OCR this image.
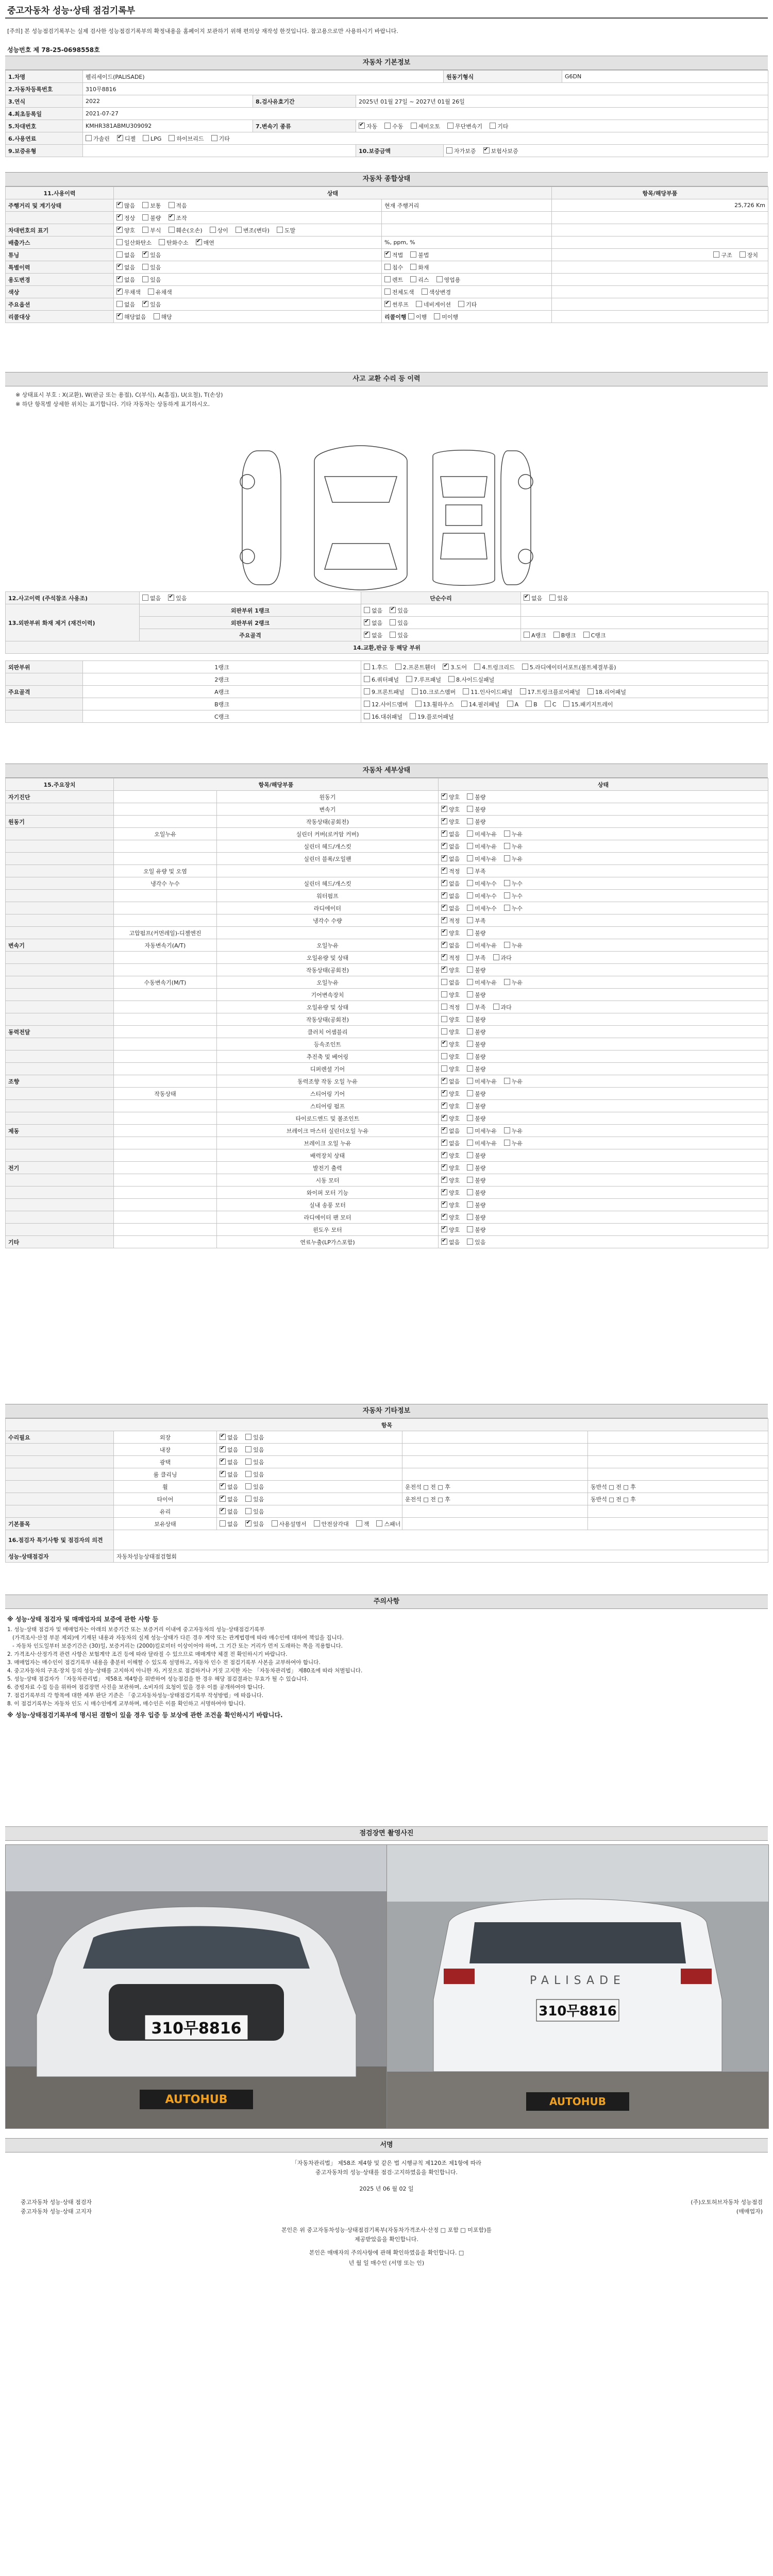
중고자동차 성능·상태 점검기록부
[주의] 본 성능점검기록부는 실제 검사한 성능점검기록부의 확정내용을 홈페이지 보관하기 위해 편의상 재작성 한것입니다. 참고용으로만 사용하시기 바랍니다.
성능번호 제 78-25-0698558호
자동차 기본정보
1.차명	펠리세이드(PALISADE)			원동기형식	G6DN
2.자동차등록번호	310무8816				
3.연식	2022	8.검사유효기간	2025년 01월 27일 ~ 2027년 01월 26일		
4.최초등록일	2021-07-27				
5.차대번호	KMHR381ABMU309092	7.변속기 종류	✔자동 수동 세미오토 무단변속기 기타
6.사용연료	가솔린 ✔ 디젤 LPG 하이브리드 기타
9.보증유형			10.보증금액	자가보증 ✔ 보험사보증
자동차 종합상태
11.사용이력	상태		항목/해당부품
주행거리 및 계기상태	✔많음 보통 적음	현재 주행거리	25,726 Km
	✔정상 불량 ✔ 조작		
차대번호의 표기	✔양호 부식 훼손(오손) 상이 변조(변타) 도말		
배출가스	일산화탄소 탄화수소 ✔ 매연	%, ppm, %	
튜닝	없음 ✔ 있음	✔적법 불법	구조 장치
특별이력	✔없음 있음	침수 화재	
용도변경	✔없음 있음	렌트 리스 영업용	
색상	✔무채색 유채색	전체도색 색상변경	
주요옵션	없음 ✔ 있음	✔썬루프 네비게이션 기타	
리콜대상	✔해당없음 해당	리콜이행 이행 미이행	
사고 교환 수리 등 이력
※ 상태표시 부호 : X(교환), W(판금 또는 용접), C(부식), A(흠집), U(요철), T(손상)
※ 하단 항목별 상세한 위치는 표기합니다. 기타 자동차는 상동하게 표기하시오.
12.사고이력 (주석참조 사용조)	없음 ✔ 있음	단순수리	✔없음 있음
13.외판부위 화재 제거 (재건이력)	외판부위 1랭크	없음 ✔ 있음	
	외판부위 2랭크	✔없음 있음	
	주요골격	✔없음 있음	A랭크 B랭크 C랭크
14.교환,판금 등 해당 부위			
외판부위	1랭크	1.후드 2.프론트휀더 ✔ 3.도어 4.트렁크리드 5.라디에이터서포트(볼트체결부품)
	2랭크	6.쿼터패널 7.루프패널 8.사이드실패널
주요골격	A랭크	9.프론트패널 10.크로스멤버 11.인사이드패널 17.트렁크플로어패널 18.리어패널
	B랭크	12.사이드멤버 13.휠하우스 14.필러패널 A B C 15.패키지트레이
	C랭크	16.대쉬패널 19.플로어패널
자동차 세부상태
15.주요장치	항목/해당부품		상태
자기진단		원동기	✔양호 불량
		변속기	✔양호 불량
원동기		작동상태(공회전)	✔양호 불량
	오일누유	실린더 커버(로커암 커버)	✔없음 미세누유 누유
		실린더 헤드/개스킷	✔없음 미세누유 누유
		실린더 블록/오일팬	✔없음 미세누유 누유
	오일 유량 및 오염		✔적정 부족
	냉각수 누수	실린더 헤드/개스킷	✔없음 미세누수 누수
		워터펌프	✔없음 미세누수 누수
		라디에이터	✔없음 미세누수 누수
		냉각수 수량	✔적정 부족
	고압펌프(커먼레일)-디젤엔진		✔양호 불량
변속기	자동변속기(A/T)	오일누유	✔없음 미세누유 누유
		오일유량 및 상태	✔적정 부족 과다
		작동상태(공회전)	✔양호 불량
	수동변속기(M/T)	오일누유	없음 미세누유 누유
		기어변속장치	양호 불량
		오일유량 및 상태	적정 부족 과다
		작동상태(공회전)	양호 불량
동력전달		클러치 어셈블리	양호 불량
		등속조인트	✔양호 불량
		추진축 및 베어링	양호 불량
		디퍼렌셜 기어	양호 불량
조향		동력조향 작동 오일 누유	✔없음 미세누유 누유
	작동상태	스티어링 기어	✔양호 불량
		스티어링 펌프	✔양호 불량
		타이로드엔드 및 볼조인트	✔양호 불량
제동		브레이크 마스터 실린더오일 누유	✔없음 미세누유 누유
		브레이크 오일 누유	✔없음 미세누유 누유
		배력장치 상태	✔양호 불량
전기		발전기 출력	✔양호 불량
		시동 모터	✔양호 불량
		와이퍼 모터 기능	✔양호 불량
		실내 송풍 모터	✔양호 불량
		라디에이터 팬 모터	✔양호 불량
		윈도우 모터	✔양호 불량
기타		연료누출(LP가스포함)	✔없음 있음
자동차 기타정보
항목				
수리필요	외장	✔없음 있음		
	내장	✔없음 있음		
	광택	✔없음 있음		
	룸 클리닝	✔없음 있음		
	휠	✔없음 있음	운전석 □ 전 □ 후	동반석 □ 전 □ 후
	타이어	✔없음 있음	운전석 □ 전 □ 후	동반석 □ 전 □ 후
	유리	✔없음 있음		
기본품목	보유상태	없음 ✔ 있음 사용설명서 안전삼각대 잭 스패너		
16.점검자 특기사항 및 점검자의 의견				
성능·상태점검자	자동차성능상태점검협회			
주의사항
※ 성능·상태 점검자 및 매매업자의 보증에 관한 사항 등
1. 성능·상태 점검자 및 매매업자는 아래의 보증기간 또는 보증거리 이내에 중고자동차의 성능·상태점검기록부
(가격조사·산정 부분 제외)에 기재된 내용과 자동차의 실제 성능·상태가 다른 경우 계약 또는 관계법령에 따라 매수인에 대하여 책임을 집니다.
- 자동차 인도일부터 보증기간은 (30)일, 보증거리는 (2000)킬로미터 이상이어야 하며, 그 기간 또는 거리가 먼저 도래하는 쪽을 적용합니다.
2. 가격조사·산정가격 관련 사항은 보험계약 조건 등에 따라 달라질 수 있으므로 매매계약 체결 전 확인하시기 바랍니다.
3. 매매업자는 매수인이 점검기록부 내용을 충분히 이해할 수 있도록 설명하고, 자동차 인수 전 점검기록부 사본을 교부하여야 합니다.
4. 중고자동차의 구조·장치 등의 성능·상태를 고지하지 아니한 자, 거짓으로 점검하거나 거짓 고지한 자는 「자동차관리법」 제80조에 따라 처벌됩니다.
5. 성능·상태 점검자가 「자동차관리법」 제58조 제4항을 위반하여 성능점검을 한 경우 해당 점검결과는 무효가 될 수 있습니다.
6. 증빙자료 수집 등을 위하여 점검장면 사진을 보관하며, 소비자의 요청이 있을 경우 이를 공개하여야 합니다.
7. 점검기록부의 각 항목에 대한 세부 판단 기준은 「중고자동차성능·상태점검기록부 작성방법」에 따릅니다.
8. 이 점검기록부는 자동차 인도 시 매수인에게 교부하며, 매수인은 이를 확인하고 서명하여야 합니다.
※ 성능·상태점검기록부에 명시된 결함이 있을 경우 입증 등 보상에 관한 조건을 확인하시기 바랍니다.
점검장면 촬영사진
310무8816
AUTOHUB
PALISADE
310무8816
AUTOHUB
서명
「자동차관리법」 제58조 제4항 및 같은 법 시행규칙 제120조 제1항에 따라
중고자동차의 성능·상태를 점검·고지하였음을 확인합니다.
2025 년 06 월 02 일
중고자동차 성능·상태 점검자	(주)오토허브자동차 성능점검
중고자동차 성능·상태 고지자	(매매업자)
본인은 위 중고자동차성능·상태점검기록부(자동차가격조사·산정 □ 포함 □ 미포함)를
제공받았음을 확인합니다.
본인은 매매자의 주의사항에 관해 확인하였음을 확인합니다. □
년 월 일 매수인 (서명 또는 인)
